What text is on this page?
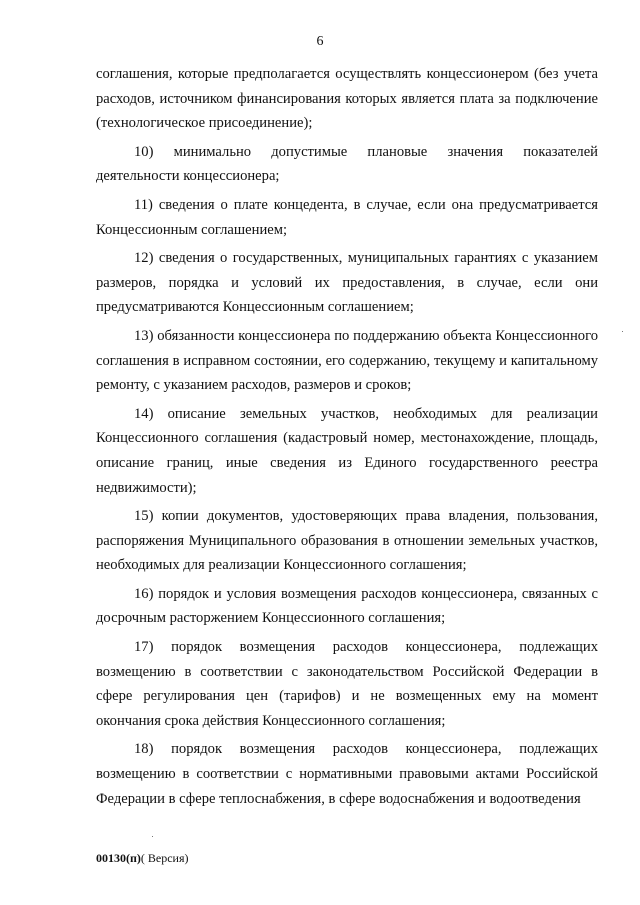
6

соглашения, которые предполагается осуществлять концессионером (без учета расходов, источником финансирования которых является плата за подключение (технологическое присоединение);

10) минимально допустимые плановые значения показателей деятельности концессионера;

11) сведения о плате концедента, в случае, если она предусматривается Концессионным соглашением;

12) сведения о государственных, муниципальных гарантиях с указанием размеров, порядка и условий их предоставления, в случае, если они предусматриваются Концессионным соглашением;

13) обязанности концессионера по поддержанию объекта Концессионного соглашения в исправном состоянии, его содержанию, текущему и капитальному ремонту, с указанием расходов, размеров и сроков;

14) описание земельных участков, необходимых для реализации Концессионного соглашения (кадастровый номер, местонахождение, площадь, описание границ, иные сведения из Единого государственного реестра недвижимости);

15) копии документов, удостоверяющих права владения, пользования, распоряжения Муниципального образования в отношении земельных участков, необходимых для реализации Концессионного соглашения;

16) порядок и условия возмещения расходов концессионера, связанных с досрочным расторжением Концессионного соглашения;

17) порядок возмещения расходов концессионера, подлежащих возмещению в соответствии с законодательством Российской Федерации в сфере регулирования цен (тарифов) и не возмещенных ему на момент окончания срока действия Концессионного соглашения;

18) порядок возмещения расходов концессионера, подлежащих возмещению в соответствии с нормативными правовыми актами Российской Федерации в сфере теплоснабжения, в сфере водоснабжения и водоотведения

00130(п)( Версия)
